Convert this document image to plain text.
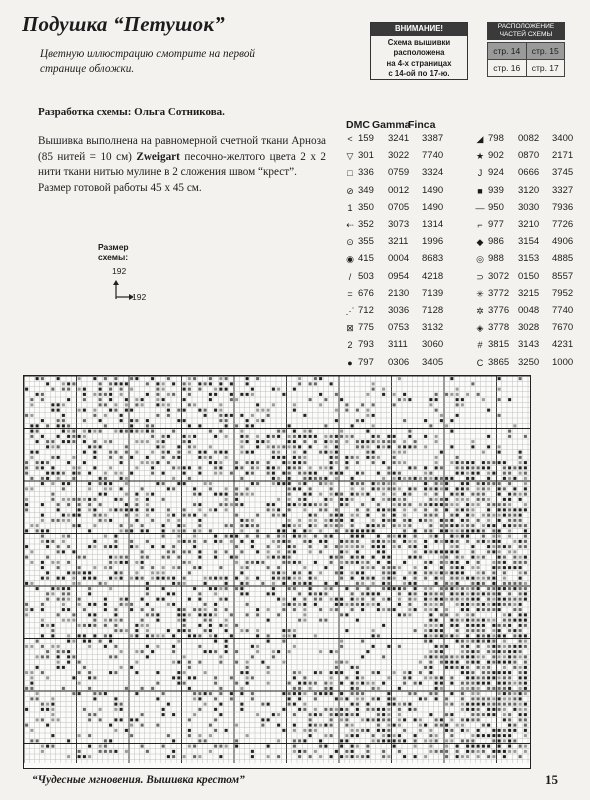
Подушка “Петушок”
Цветную иллюстрацию смотрите на первой странице обложки.
ВНИМАНИЕ!
Схема вышивки
расположена
на 4-х страницах
с 14-ой по 17-ю.
РАСПОЛОЖЕНИЕ
ЧАСТЕЙ СХЕМЫ
стр. 14	стр. 15
стр. 16	стр. 17
Разработка схемы: Ольга Сотникова.
Вышивка выполнена на равномерной счетной ткани Арноза (85 нитей = 10 см) Zweigart песочно-желтого цвета 2 х 2 нити ткани нитью мулине в 2 сложения швом “крест”.
Размер готовой работы 45 х 45 см.
Размер
схемы:
192
192
DMC Gamma
Finca
< 159 3241 3387
▽ 301 3022 7740
□ 336 0759 3324
⊘ 349 0012 1490
1 350 0705 1490
⇠ 352 3073 1314
⊙ 355 3211 1996
◉ 415 0004 8683
/ 503 0954 4218
= 676 2130 7139
⋰ 712 3036 7128
⊠ 775 0753 3132
2 793 3111 3060
● 797 0306 3405
◢ 798 0082 3400
★ 902 0870 2171
J 924 0666 3745
■ 939 3120 3327
— 950 3030 7936
⌐ 977 3210 7726
◆ 986 3154 4906
◎ 988 3153 4885
⊃ 3072 0150 8557
✳ 3772 3215 7952
✲ 3776 0048 7740
◈ 3778 3028 7670
# 3815 3143 4231
C 3865 3250 1000
“Чудесные мгновения. Вышивка крестом”	15
